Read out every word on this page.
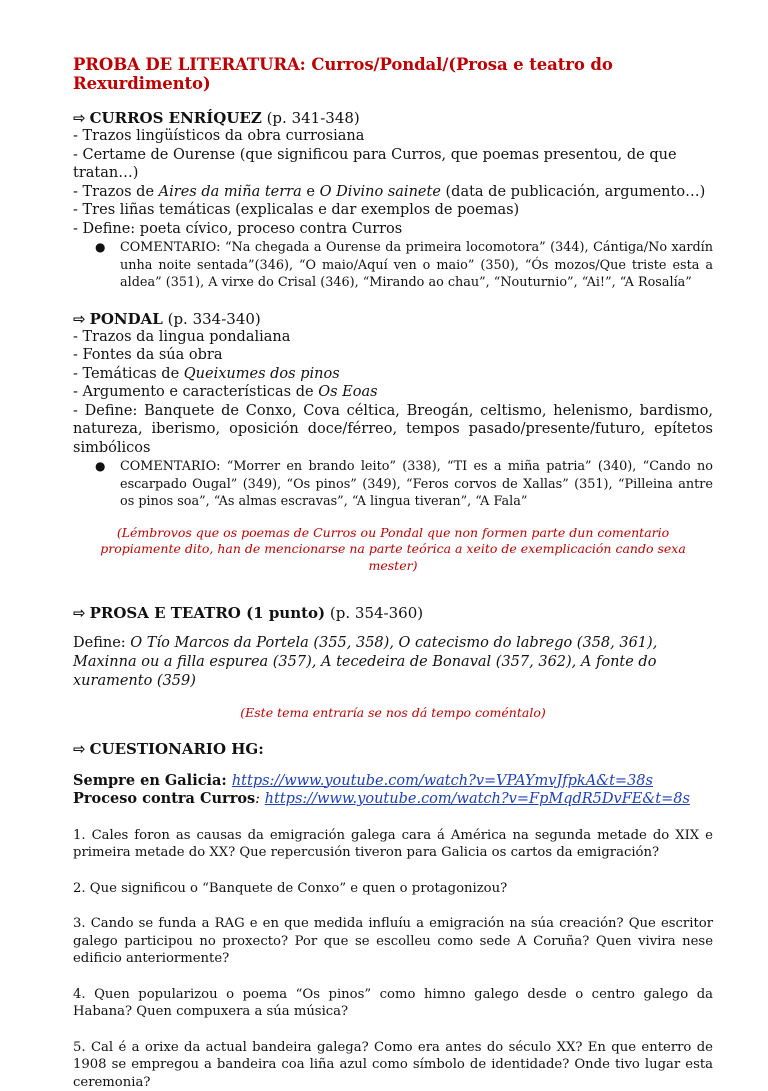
PROBA DE LITERATURA: Curros/Pondal/(Prosa e teatro do Rexurdimento)
⇨ CURROS ENRÍQUEZ (p. 341-348)
- Trazos lingüísticos da obra currosiana
- Certame de Ourense (que significou para Curros, que poemas presentou, de que tratan…)
- Trazos de Aires da miña terra e O Divino sainete (data de publicación, argumento…)
- Tres liñas temáticas (explicalas e dar exemplos de poemas)
- Define: poeta cívico, proceso contra Curros
● COMENTARIO: “Na chegada a Ourense da primeira locomotora” (344), Cántiga/No xardín unha noite sentada”(346), “O maio/Aquí ven o maio” (350), “Ós mozos/Que triste esta a aldea” (351), A virxe do Crisal (346), “Mirando ao chau”, “Nouturnio”, “Ai!”, “A Rosalía”
⇨ PONDAL (p. 334-340)
- Trazos da lingua pondaliana
- Fontes da súa obra
- Temáticas de Queixumes dos pinos
- Argumento e características de Os Eoas
- Define: Banquete de Conxo, Cova céltica, Breogán, celtismo, helenismo, bardismo, natureza, iberismo, oposición doce/férreo, tempos pasado/presente/futuro, epítetos simbólicos
● COMENTARIO: “Morrer en brando leito” (338), “TI es a miña patria” (340), “Cando no escarpado Ougal” (349), “Os pinos” (349), “Feros corvos de Xallas” (351), “Pilleina antre os pinos soa”, “As almas escravas”, “A lingua tiveran”, “A Fala”
(Lémbrovos que os poemas de Curros ou Pondal que non formen parte dun comentario propiamente dito, han de mencionarse na parte teórica a xeito de exemplicación cando sexa mester)
⇨ PROSA E TEATRO (1 punto) (p. 354-360)
Define: O Tío Marcos da Portela (355, 358), O catecismo do labrego (358, 361), Maxinna ou a filla espurea (357), A tecedeira de Bonaval (357, 362), A fonte do xuramento (359)
(Este tema entraría se nos dá tempo coméntalo)
⇨ CUESTIONARIO HG:
Sempre en Galicia: https://www.youtube.com/watch?v=VPAYmvJfpkA&t=38s
Proceso contra Curros: https://www.youtube.com/watch?v=FpMqdR5DvFE&t=8s
1. Cales foron as causas da emigración galega cara á América na segunda metade do XIX e primeira metade do XX? Que repercusión tiveron para Galicia os cartos da emigración?
2. Que significou o “Banquete de Conxo” e quen o protagonizou?
3. Cando se funda a RAG e en que medida influíu a emigración na súa creación? Que escritor galego participou no proxecto? Por que se escolleu como sede A Coruña? Quen vivira nese edificio anteriormente?
4. Quen popularizou o poema “Os pinos” como himno galego desde o centro galego da Habana? Quen compuxera a súa música?
5. Cal é a orixe da actual bandeira galega? Como era antes do século XX? En que enterro de 1908 se empregou a bandeira coa liña azul como símbolo de identidade? Onde tivo lugar esta ceremonia?
